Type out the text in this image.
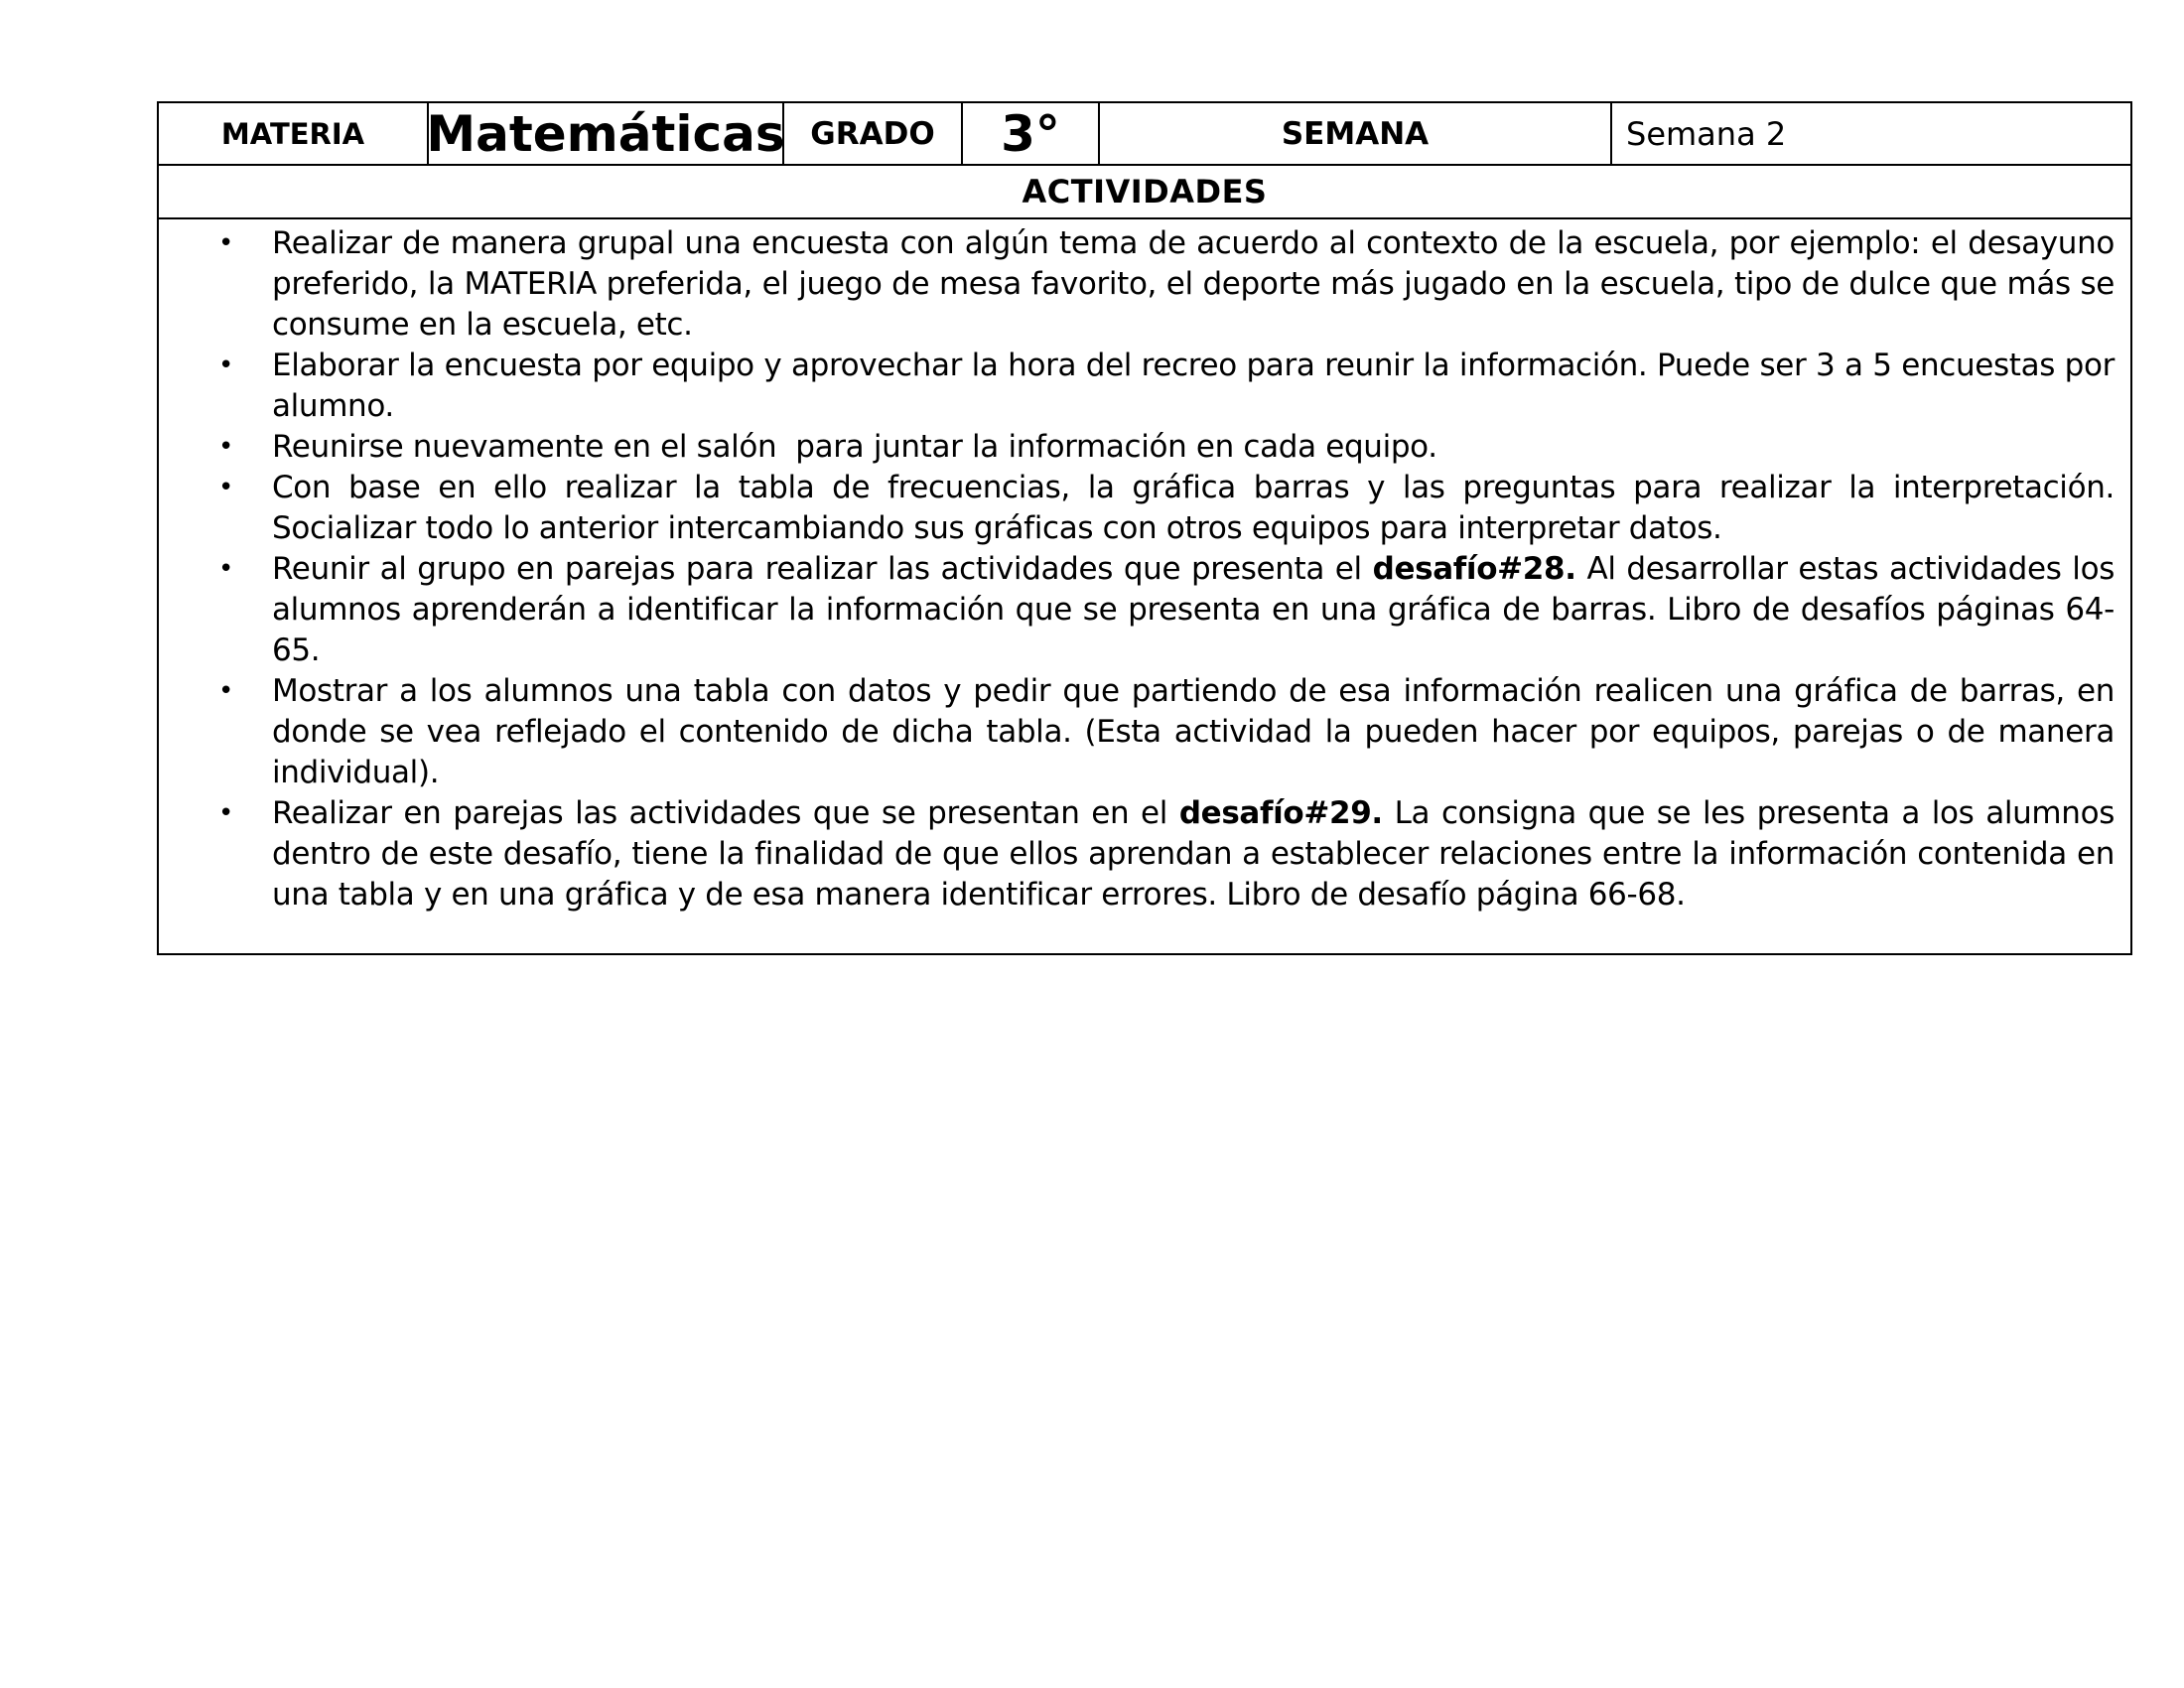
MATERIA	Matemáticas GRADO	3°	SEMANA	Semana 2
ACTIVIDADES
• Realizar de manera grupal una encuesta con algún tema de acuerdo al contexto de la escuela, por ejemplo: el desayuno preferido, la MATERIA preferida, el juego de mesa favorito, el deporte más jugado en la escuela, tipo de dulce que más se consume en la escuela, etc.
• Elaborar la encuesta por equipo y aprovechar la hora del recreo para reunir la información. Puede ser 3 a 5 encuestas por alumno.
• Reunirse nuevamente en el salón  para juntar la información en cada equipo.
• Con base en ello realizar la tabla de frecuencias, la gráfica barras y las preguntas para realizar la interpretación. Socializar todo lo anterior intercambiando sus gráficas con otros equipos para interpretar datos.
• Reunir al grupo en parejas para realizar las actividades que presenta el desafío#28. Al desarrollar estas actividades los alumnos aprenderán a identificar la información que se presenta en una gráfica de barras. Libro de desafíos páginas 64-65.
• Mostrar a los alumnos una tabla con datos y pedir que partiendo de esa información realicen una gráfica de barras, en donde se vea reflejado el contenido de dicha tabla. (Esta actividad la pueden hacer por equipos, parejas o de manera individual).
• Realizar en parejas las actividades que se presentan en el desafío#29. La consigna que se les presenta a los alumnos dentro de este desafío, tiene la finalidad de que ellos aprendan a establecer relaciones entre la información contenida en una tabla y en una gráfica y de esa manera identificar errores. Libro de desafío página 66-68.
